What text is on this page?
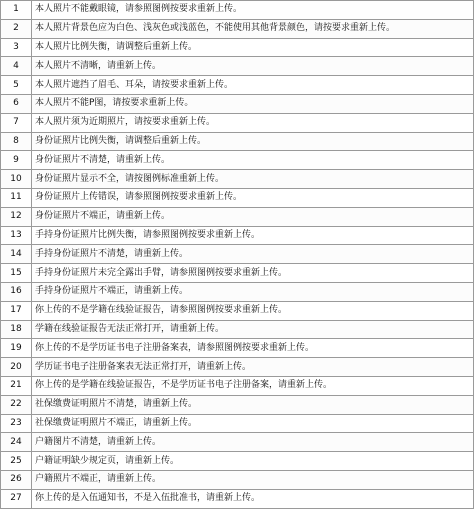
1	本人照片不能戴眼镜，请参照图例按要求重新上传。
2	本人照片背景色应为白色、浅灰色或浅蓝色，不能使用其他背景颜色，请按要求重新上传。
3	本人照片比例失衡，请调整后重新上传。
4	本人照片不清晰，请重新上传。
5	本人照片遮挡了眉毛、耳朵，请按要求重新上传。
6	本人照片不能P图，请按要求重新上传。
7	本人照片须为近期照片，请按要求重新上传。
8	身份证照片比例失衡，请调整后重新上传。
9	身份证照片不清楚，请重新上传。
10	身份证照片显示不全，请按图例标准重新上传。
11	身份证照片上传错误，请参照图例按要求重新上传。
12	身份证照片不端正，请重新上传。
13	手持身份证照片比例失衡，请参照图例按要求重新上传。
14	手持身份证照片不清楚，请重新上传。
15	手持身份证照片未完全露出手臂，请参照图例按要求重新上传。
16	手持身份证照片不端正，请重新上传。
17	你上传的不是学籍在线验证报告，请参照图例按要求重新上传。
18	学籍在线验证报告无法正常打开，请重新上传。
19	你上传的不是学历证书电子注册备案表，请参照图例按要求重新上传。
20	学历证书电子注册备案表无法正常打开，请重新上传。
21	你上传的是学籍在线验证报告，不是学历证书电子注册备案，请重新上传。
22	社保缴费证明照片不清楚，请重新上传。
23	社保缴费证明照片不端正，请重新上传。
24	户籍图片不清楚，请重新上传。
25	户籍证明缺少规定页，请重新上传。
26	户籍照片不端正，请重新上传。
27	你上传的是入伍通知书，不是入伍批准书，请重新上传。
